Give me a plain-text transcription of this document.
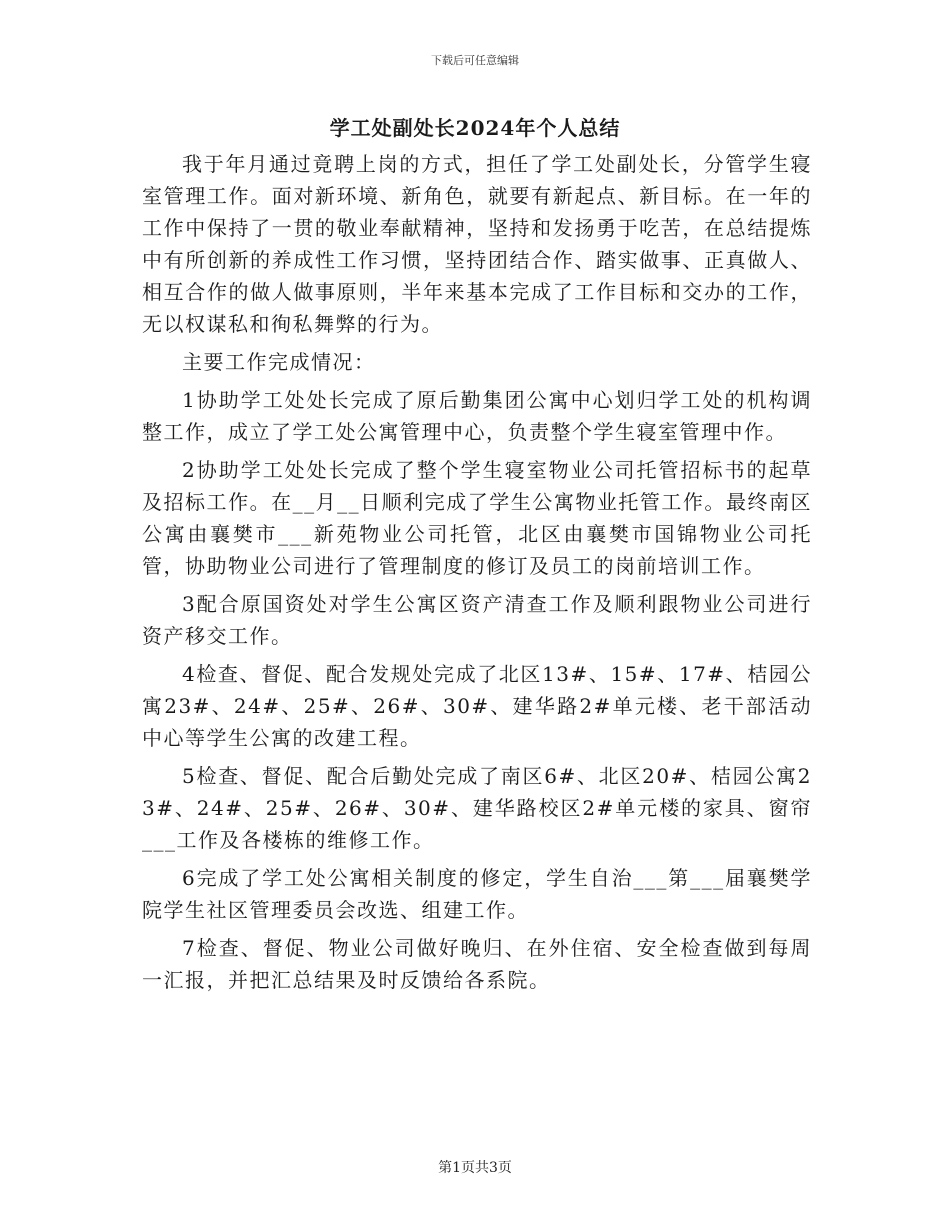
下载后可任意编辑
学工处副处长2024年个人总结

我于年月通过竟聘上岗的方式，担任了学工处副处长，分管学生寝室管理工作。面对新环境、新角色，就要有新起点、新目标。在一年的工作中保持了一贯的敬业奉献精神，坚持和发扬勇于吃苦，在总结提炼中有所创新的养成性工作习惯，坚持团结合作、踏实做事、正真做人、相互合作的做人做事原则，半年来基本完成了工作目标和交办的工作，无以权谋私和徇私舞弊的行为。

主要工作完成情况：

1协助学工处处长完成了原后勤集团公寓中心划归学工处的机构调整工作，成立了学工处公寓管理中心，负责整个学生寝室管理中作。

2协助学工处处长完成了整个学生寝室物业公司托管招标书的起草及招标工作。在__月__日顺利完成了学生公寓物业托管工作。最终南区公寓由襄樊市___新苑物业公司托管，北区由襄樊市国锦物业公司托管，协助物业公司进行了管理制度的修订及员工的岗前培训工作。

3配合原国资处对学生公寓区资产清查工作及顺利跟物业公司进行资产移交工作。

4检查、督促、配合发规处完成了北区13#、15#、17#、桔园公寓23#、24#、25#、26#、30#、建华路2#单元楼、老干部活动中心等学生公寓的改建工程。

5检查、督促、配合后勤处完成了南区6#、北区20#、桔园公寓23#、24#、25#、26#、30#、建华路校区2#单元楼的家具、窗帘___工作及各楼栋的维修工作。

6完成了学工处公寓相关制度的修定，学生自治___第___届襄樊学院学生社区管理委员会改选、组建工作。

7检查、督促、物业公司做好晚归、在外住宿、安全检查做到每周一汇报，并把汇总结果及时反馈给各系院。

第1页共3页
